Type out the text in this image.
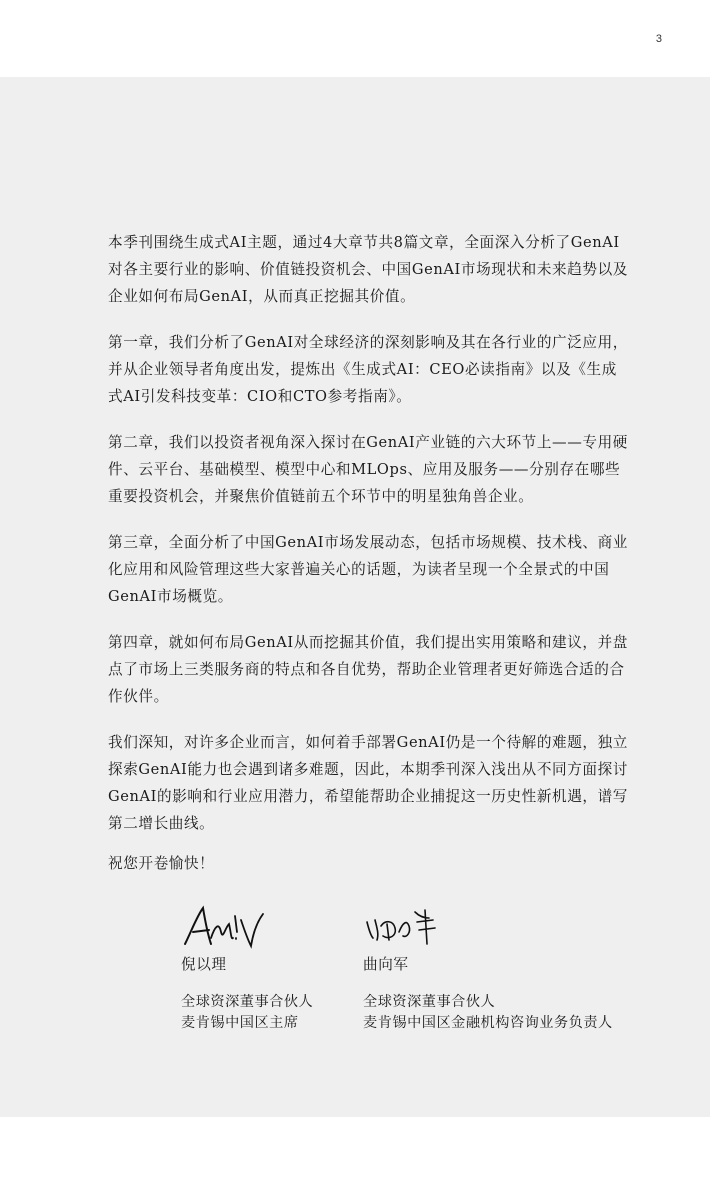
3

本季刊围绕生成式AI主题，通过4大章节共8篇文章，全面深入分析了GenAI对各主要行业的影响、价值链投资机会、中国GenAI市场现状和未来趋势以及企业如何布局GenAI，从而真正挖掘其价值。

第一章，我们分析了GenAI对全球经济的深刻影响及其在各行业的广泛应用， 并从企业领导者角度出发，提炼出《生成式AI：CEO必读指南》以及《生成式AI引发科技变革：CIO和CTO参考指南》。

第二章，我们以投资者视角深入探讨在GenAI产业链的六大环节上——专用硬件、云平台、基础模型、模型中心和MLOps、应用及服务——分别存在哪些重要投资机会，并聚焦价值链前五个环节中的明星独角兽企业。

第三章，全面分析了中国GenAI市场发展动态，包括市场规模、技术栈、商业化应用和风险管理这些大家普遍关心的话题，为读者呈现一个全景式的中国GenAI市场概览。

第四章，就如何布局GenAI从而挖掘其价值，我们提出实用策略和建议，并盘点了市场上三类服务商的特点和各自优势，帮助企业管理者更好筛选合适的合作伙伴。

我们深知，对许多企业而言，如何着手部署GenAI仍是一个待解的难题，独立探索GenAI能力也会遇到诸多难题，因此，本期季刊深入浅出从不同方面探讨 GenAI的影响和行业应用潜力，希望能帮助企业捕捉这一历史性新机遇，谱写第二增长曲线。

祝您开卷愉快！
倪以理
全球资深董事合伙人
麦肯锡中国区主席
曲向军
全球资深董事合伙人
麦肯锡中国区金融机构咨询业务负责人
